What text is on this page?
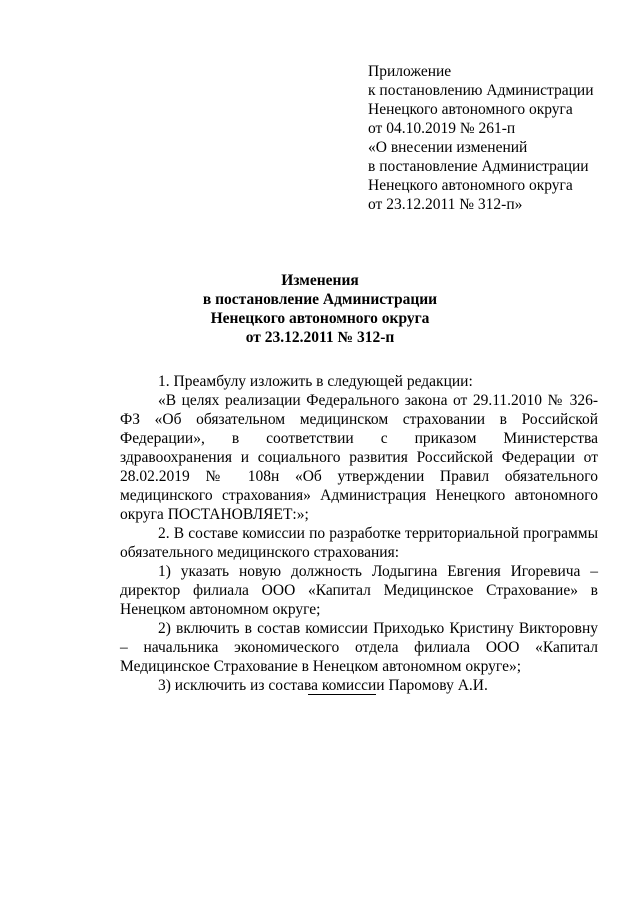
Приложение
к постановлению Администрации
Ненецкого автономного округа
от 04.10.2019 № 261-п
«О внесении изменений
в постановление Администрации
Ненецкого автономного округа
от 23.12.2011 № 312-п»
Изменения
в постановление Администрации
Ненецкого автономного округа
от 23.12.2011 № 312-п

1. Преамбулу изложить в следующей редакции:

«В целях реализации Федерального закона от 29.11.2010 № 326-ФЗ «Об обязательном медицинском страховании в Российской Федерации», в соответствии с приказом Министерства здравоохранения и социального развития Российской Федерации от 28.02.2019 № 108н «Об утверждении Правил обязательного медицинского страхования» Администрация Ненецкого автономного округа ПОСТАНОВЛЯЕТ:»;

2. В составе комиссии по разработке территориальной программы обязательного медицинского страхования:

1) указать новую должность Лодыгина Евгения Игоревича – директор филиала ООО «Капитал Медицинское Страхование» в Ненецком автономном округе;

2) включить в состав комиссии Приходько Кристину Викторовну – начальника экономического отдела филиала ООО «Капитал Медицинское Страхование в Ненецком автономном округе»;

3) исключить из состава комиссии Паромову А.И.
